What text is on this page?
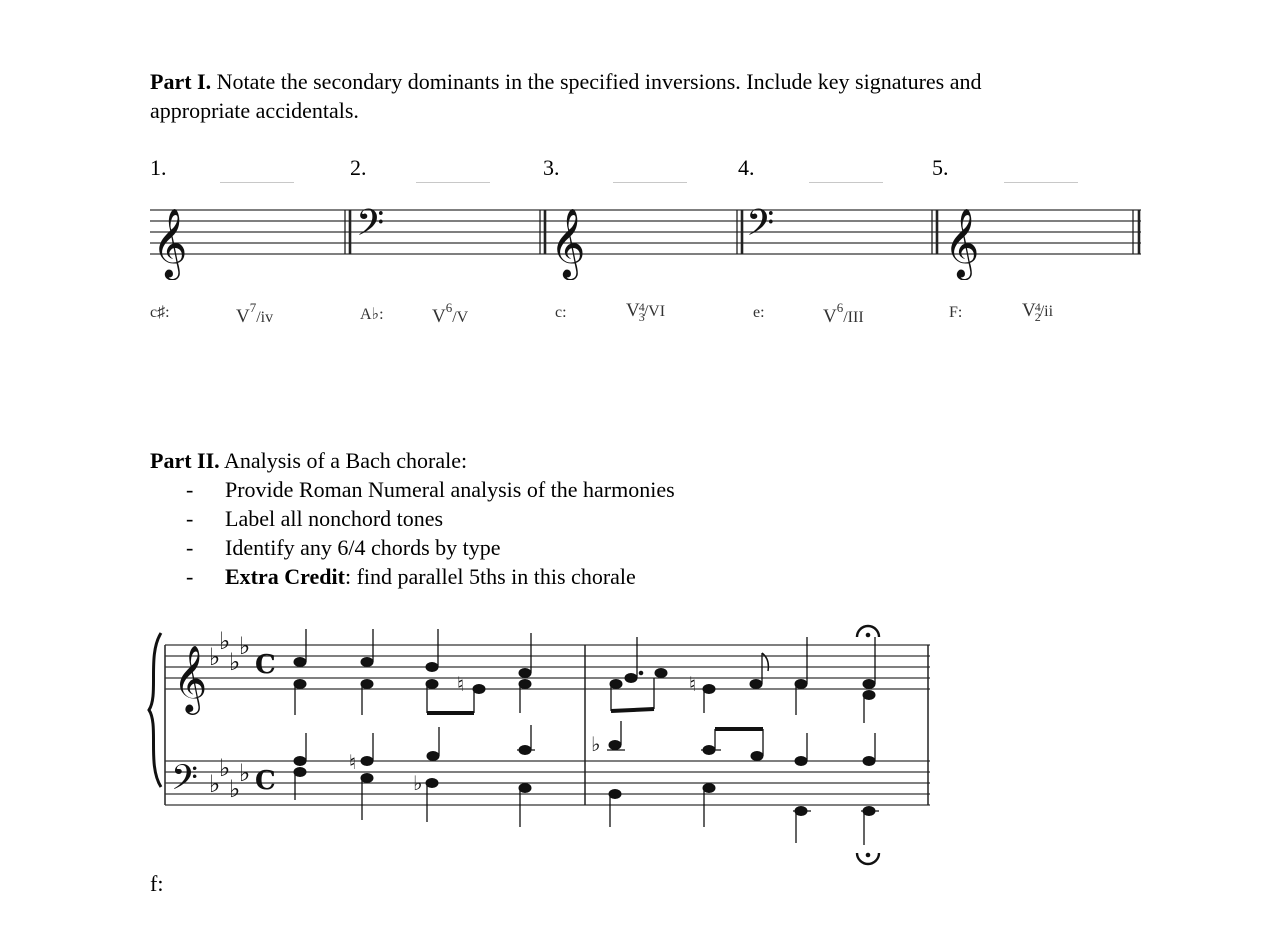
Part I. Notate the secondary dominants in the specified inversions. Include key signatures and
appropriate accidentals.
1.	2.	3.	4.	5.
𝄞	𝄢	𝄞	𝄢	𝄞
c♯:	$V^7/iv$	A♭:	$V^6/V$	c:	V 4
3 /VI	e:	$V^6$/III	F:	V 4
2 /ii
Part II. Analysis of a Bach chorale:
- Provide Roman Numeral analysis of the harmonies
- Label all nonchord tones
- Identify any 6/4 chords by type
- Extra Credit: find parallel 5ths in this chorale
𝄞
𝄢
♭
♭
♭
♭
♭
♭
♭
♭
C
C
♮	♮
♮
♭
♭
f:
